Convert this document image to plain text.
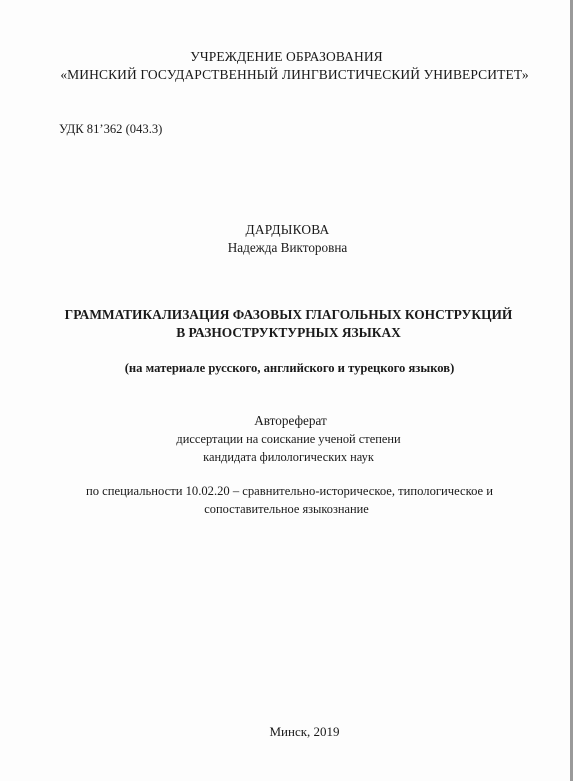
УЧРЕЖДЕНИЕ ОБРАЗОВАНИЯ
«МИНСКИЙ ГОСУДАРСТВЕННЫЙ ЛИНГВИСТИЧЕСКИЙ УНИВЕРСИТЕТ»
УДК 81’362 (043.3)
ДАРДЫКОВА
Надежда Викторовна
ГРАММАТИКАЛИЗАЦИЯ ФАЗОВЫХ ГЛАГОЛЬНЫХ КОНСТРУКЦИЙ
В РАЗНОСТРУКТУРНЫХ ЯЗЫКАХ
(на материале русского, английского и турецкого языков)
Автореферат
диссертации на соискание ученой степени
кандидата филологических наук
по специальности 10.02.20 – сравнительно-историческое, типологическое и
сопоставительное языкознание
Минск, 2019
